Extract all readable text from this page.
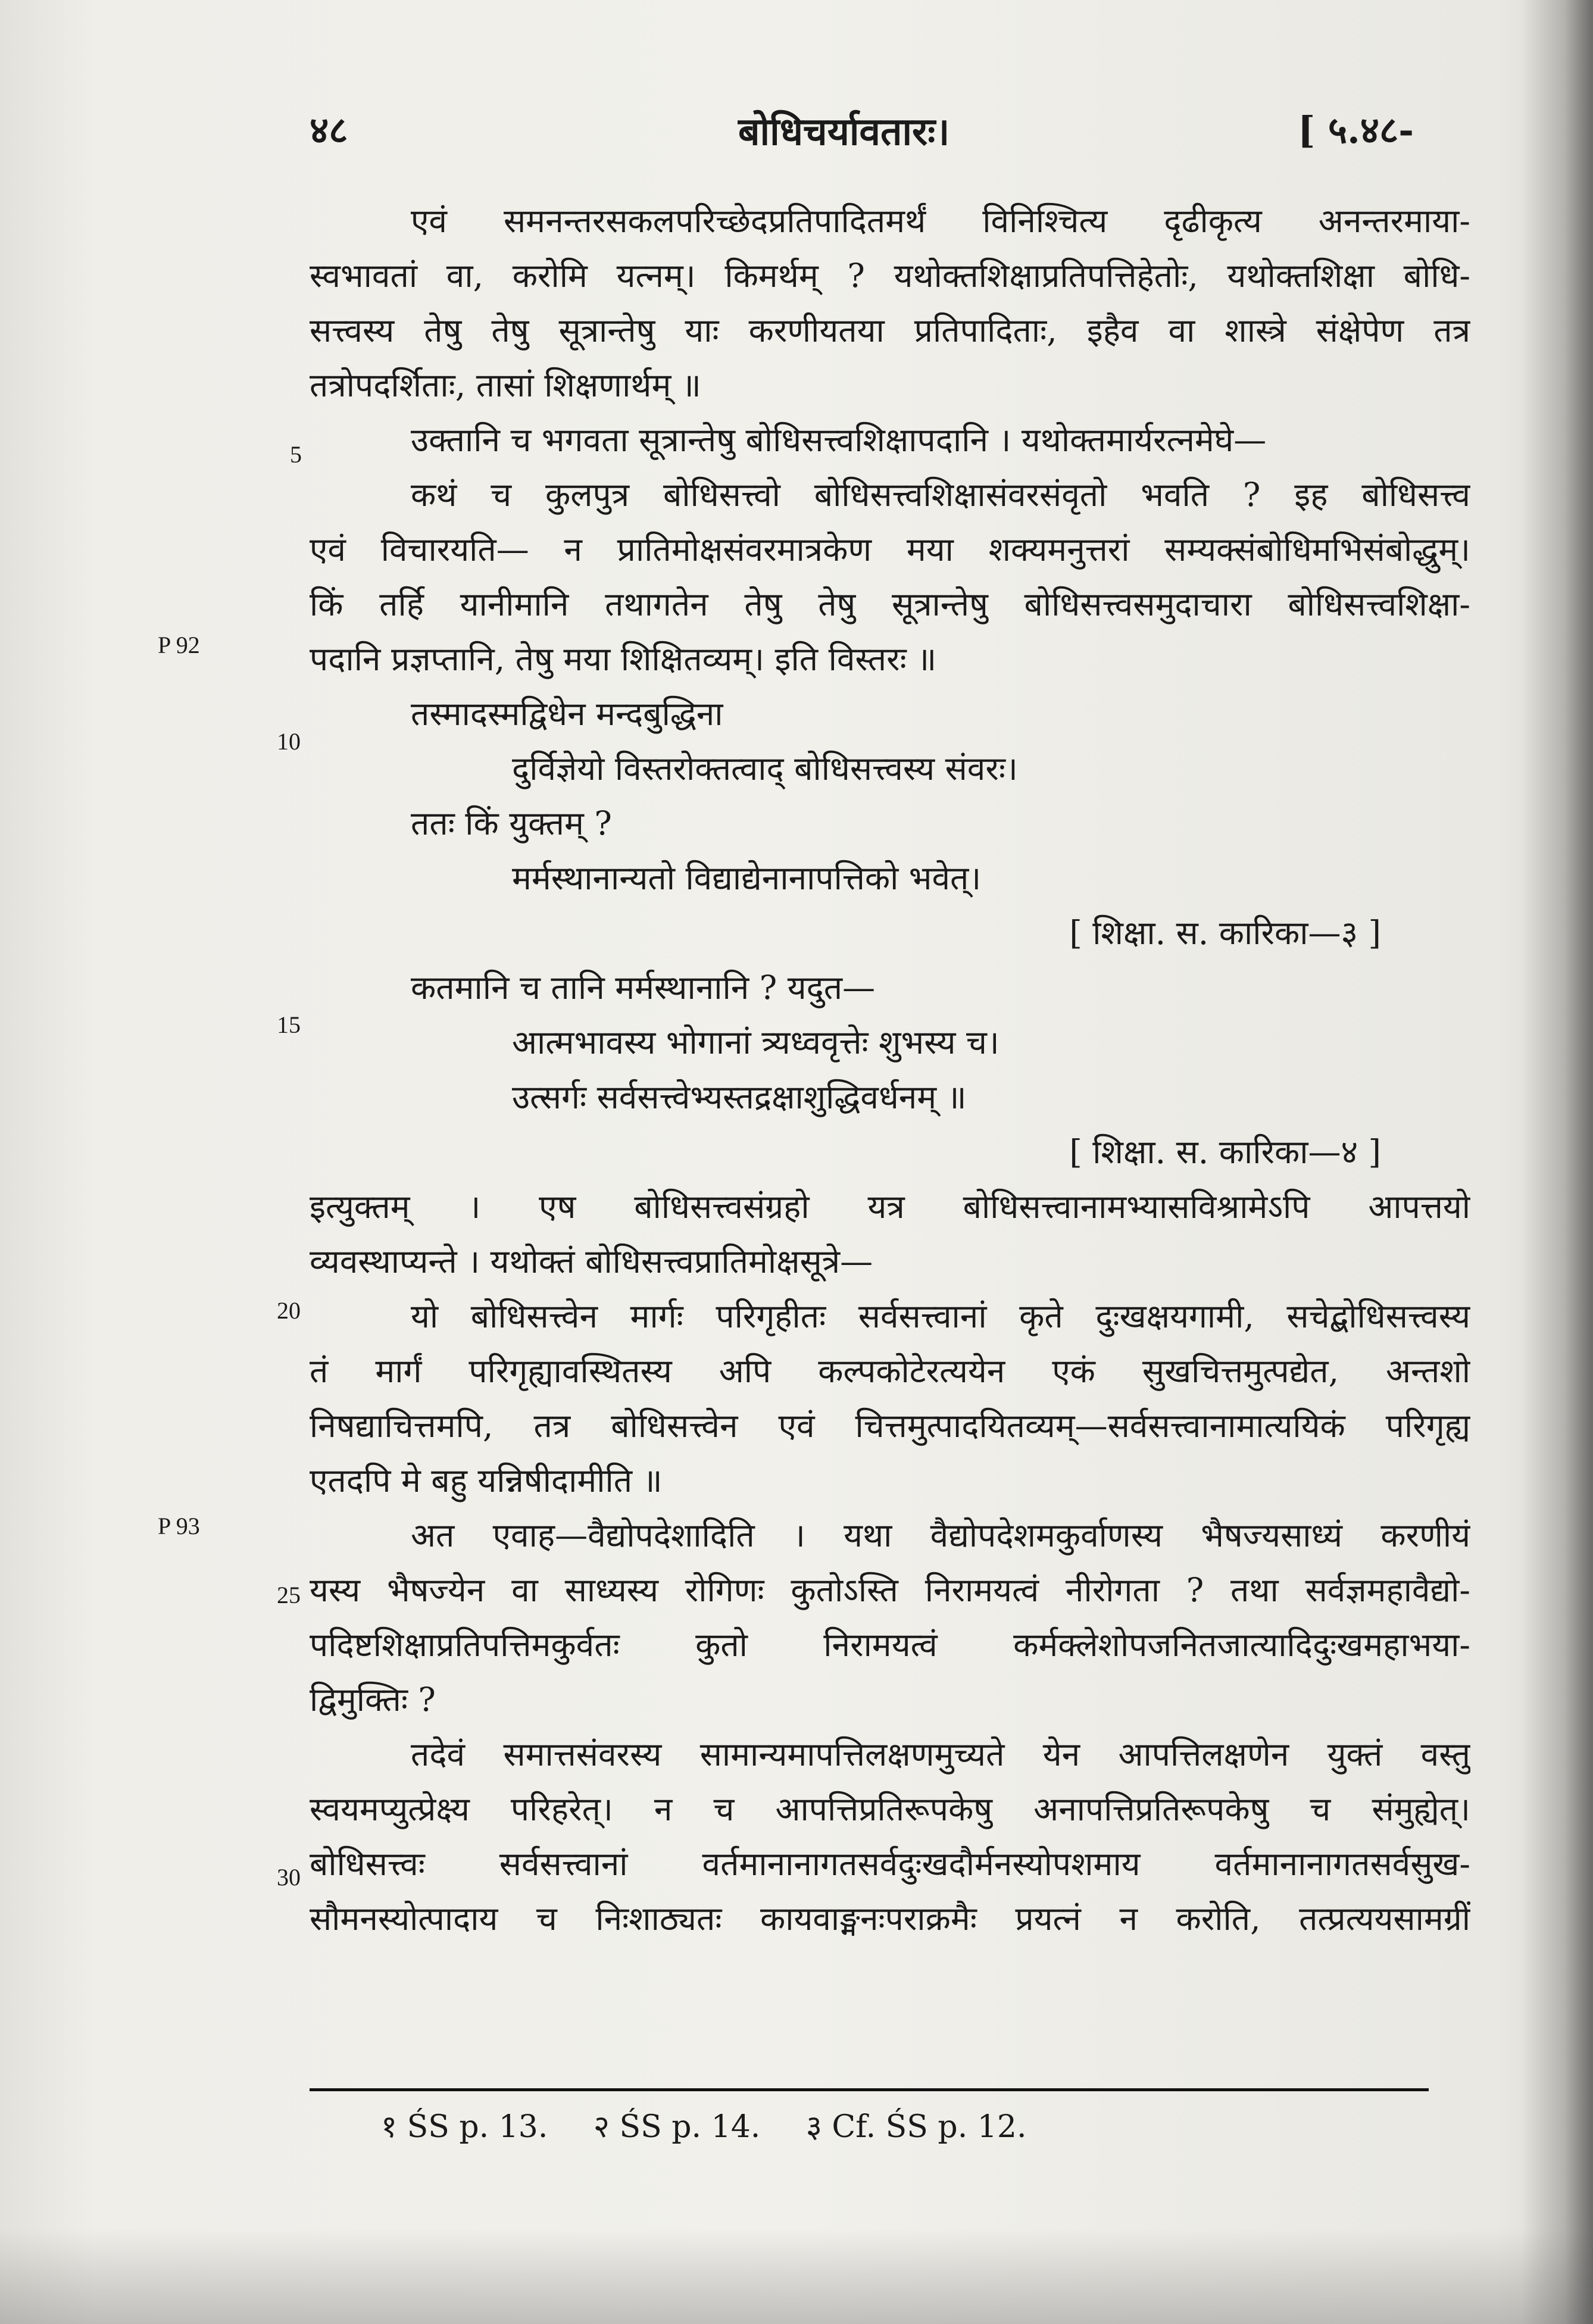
४८	बोधिचर्यावतारः।	[ ५.४८-
5
10
15
20
25
30
P 92
P 93
एवं समनन्तरसकलपरिच्छेदप्रतिपादितमर्थं विनिश्चित्य दृढीकृत्य अनन्तरमाया-
स्वभावतां वा, करोमि यत्नम्। किमर्थम् ? यथोक्तशिक्षाप्रतिपत्तिहेतोः, यथोक्तशिक्षा बोधि-
सत्त्वस्य तेषु तेषु सूत्रान्तेषु याः करणीयतया प्रतिपादिताः, इहैव वा शास्त्रे संक्षेपेण तत्र
तत्रोपदर्शिताः, तासां शिक्षणार्थम् ॥
उक्तानि च भगवता सूत्रान्तेषु बोधिसत्त्वशिक्षापदानि । यथोक्तमार्यरत्नमेघे—
कथं च कुलपुत्र बोधिसत्त्वो बोधिसत्त्वशिक्षासंवरसंवृतो भवति ? इह बोधिसत्त्व
एवं विचारयति— न प्रातिमोक्षसंवरमात्रकेण मया शक्यमनुत्तरां सम्यक्संबोधिमभिसंबोद्धुम्।
किं तर्हि यानीमानि तथागतेन तेषु तेषु सूत्रान्तेषु बोधिसत्त्वसमुदाचारा बोधिसत्त्वशिक्षा-
पदानि प्रज्ञप्तानि, तेषु मया शिक्षितव्यम्। इति विस्तरः ॥
तस्मादस्मद्विधेन मन्दबुद्धिना
दुर्विज्ञेयो विस्तरोक्तत्वाद् बोधिसत्त्वस्य संवरः।
ततः किं युक्तम् ?
मर्मस्थानान्यतो विद्याद्येनानापत्तिको भवेत्।
[ शिक्षा. स. कारिका—३ ]
कतमानि च तानि मर्मस्थानानि ? यदुत—
आत्मभावस्य भोगानां त्र्यध्ववृत्तेः शुभस्य च।
उत्सर्गः सर्वसत्त्वेभ्यस्तद्रक्षाशुद्धिवर्धनम् ॥
[ शिक्षा. स. कारिका—४ ]
इत्युक्तम् । एष बोधिसत्त्वसंग्रहो यत्र बोधिसत्त्वानामभ्यासविश्रामेऽपि आपत्तयो
व्यवस्थाप्यन्ते । यथोक्तं बोधिसत्त्वप्रातिमोक्षसूत्रे—
यो बोधिसत्त्वेन मार्गः परिगृहीतः सर्वसत्त्वानां कृते दुःखक्षयगामी, सचेद्बोधिसत्त्वस्य
तं मार्गं परिगृह्यावस्थितस्य अपि कल्पकोटेरत्ययेन एकं सुखचित्तमुत्पद्येत, अन्तशो
निषद्याचित्तमपि, तत्र बोधिसत्त्वेन एवं चित्तमुत्पादयितव्यम्—सर्वसत्त्वानामात्ययिकं परिगृह्य
एतदपि मे बहु यन्निषीदामीति ॥
अत एवाह—वैद्योपदेशादिति । यथा वैद्योपदेशमकुर्वाणस्य भैषज्यसाध्यं करणीयं
यस्य भैषज्येन वा साध्यस्य रोगिणः कुतोऽस्ति निरामयत्वं नीरोगता ? तथा सर्वज्ञमहावैद्यो-
पदिष्टशिक्षाप्रतिपत्तिमकुर्वतः कुतो निरामयत्वं कर्मक्लेशोपजनितजात्यादिदुःखमहाभया-
द्विमुक्तिः ?
तदेवं समात्तसंवरस्य सामान्यमापत्तिलक्षणमुच्यते येन आपत्तिलक्षणेन युक्तं वस्तु
स्वयमप्युत्प्रेक्ष्य परिहरेत्। न च आपत्तिप्रतिरूपकेषु अनापत्तिप्रतिरूपकेषु च संमुह्येत्।
बोधिसत्त्वः सर्वसत्त्वानां वर्तमानानागतसर्वदुःखदौर्मनस्योपशमाय वर्तमानानागतसर्वसुख-
सौमनस्योत्पादाय च निःशाठ्यतः कायवाङ्मनःपराक्रमैः प्रयत्नं न करोति, तत्प्रत्ययसामग्रीं
१ ŚS p. 13. २ ŚS p. 14. ३ Cf. ŚS p. 12.
